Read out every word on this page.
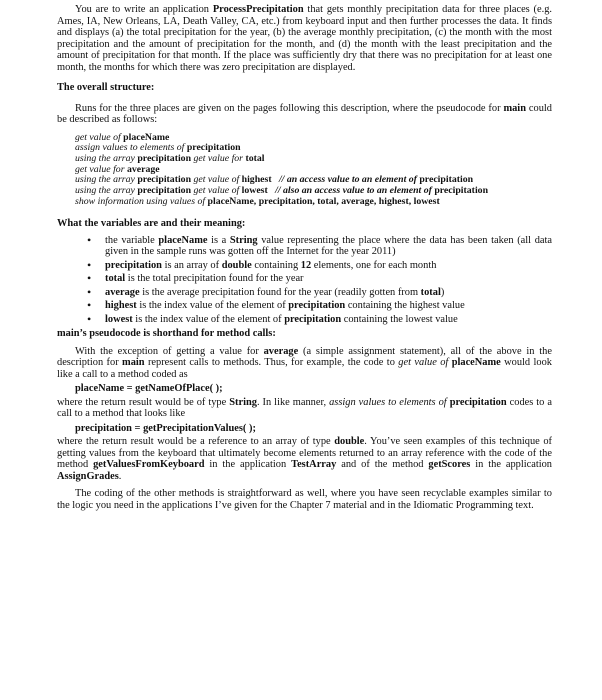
You are to write an application ProcessPrecipitation that gets monthly precipitation data for three places (e.g. Ames, IA, New Orleans, LA, Death Valley, CA, etc.) from keyboard input and then further processes the data. It finds and displays (a) the total precipitation for the year, (b) the average monthly precipitation, (c) the month with the most precipitation and the amount of precipitation for the month, and (d) the month with the least precipitation and the amount of precipitation for that month. If the place was sufficiently dry that there was no precipitation for at least one month, the months for which there was zero precipitation are displayed.

The overall structure:

Runs for the three places are given on the pages following this description, where the pseudocode for main could be described as follows:

get value of placeName
assign values to elements of precipitation
using the array precipitation get value for total
get value for average
using the array precipitation get value of highest   // an access value to an element of precipitation
using the array precipitation get value of lowest   // also an access value to an element of precipitation
show information using values of placeName, precipitation, total, average, highest, lowest

What the variables are and their meaning:

• the variable placeName is a String value representing the place where the data has been taken (all data given in the sample runs was gotten off the Internet for the year 2011)
• precipitation is an array of double containing 12 elements, one for each month
• total is the total precipitation found for the year
• average is the average precipitation found for the year (readily gotten from total)
• highest is the index value of the element of precipitation containing the highest value
• lowest is the index value of the element of precipitation containing the lowest value

main’s pseudocode is shorthand for method calls:

With the exception of getting a value for average (a simple assignment statement), all of the above in the description for main represent calls to methods. Thus, for example, the code to get value of placeName would look like a call to a method coded as

placeName = getNameOfPlace( );

where the return result would be of type String. In like manner, assign values to elements of precipitation codes to a call to a method that looks like

precipitation = getPrecipitationValues( );

where the return result would be a reference to an array of type double. You’ve seen examples of this technique of getting values from the keyboard that ultimately become elements returned to an array reference with the code of the method getValuesFromKeyboard in the application TestArray and of the method getScores in the application AssignGrades.

The coding of the other methods is straightforward as well, where you have seen recyclable examples similar to the logic you need in the applications I’ve given for the Chapter 7 material and in the Idiomatic Programming text.
